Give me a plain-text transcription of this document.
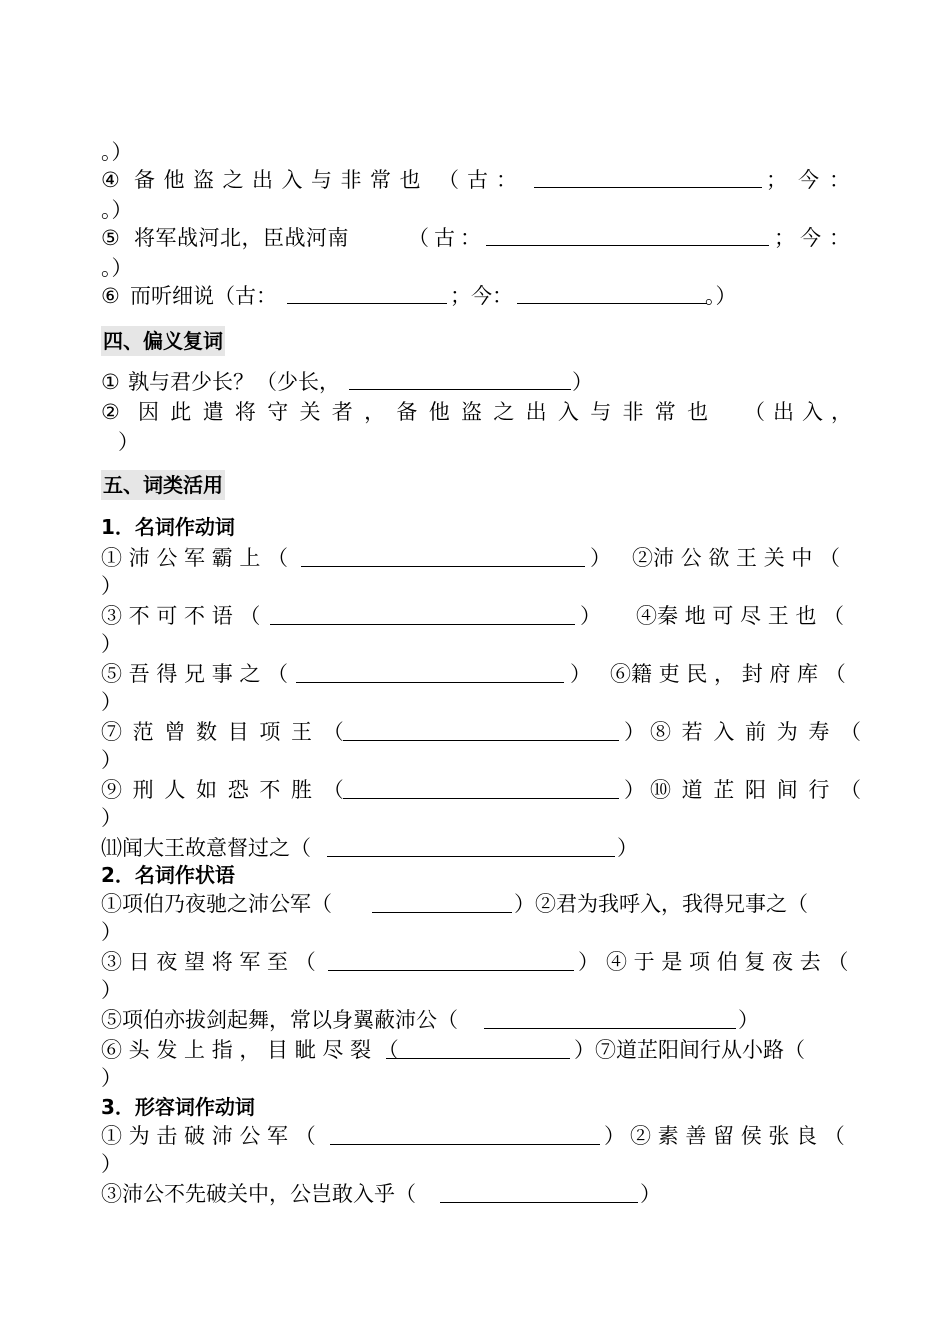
。）
④ 备他盗之出入与非常也 （古：	； 今：
。）
⑤ 将军战河北，臣战河南	（古：	； 今：
。）
⑥ 而听细说 （古：	；今：	。）
四、偏义复词
① 孰与君少长？ （少长，	）
② 因此遣将守关者，备他盗之出入与非常也 （出入，
）
五、词类活用
1．名词作动词
① 沛 公 军 霸 上 （	） ②沛 公 欲 王 关 中 （
）
③ 不 可 不 语 （	） ④秦 地 可 尽 王 也 （
）
⑤ 吾 得 兄 事 之 （	） ⑥籍 吏 民 ， 封 府 库 （
）
⑦ 范 曾 数 目 项 王 （	） ⑧ 若 入 前 为 寿 （
）
⑨ 刑 人 如 恐 不 胜 （	） ⑩ 道 芷 阳 间 行 （
）
⑾闻大王故意督过之（	）
2．名词作状语
①项伯乃夜驰之沛公军（	）②君为我呼入，我得兄事之（
）
③ 日 夜 望 将 军 至 （	） ④ 于 是 项 伯 复 夜 去 （
）
⑤项伯亦拔剑起舞，常以身翼蔽沛公（	）
⑥ 头 发 上 指 ， 目 眦 尽 裂 （	）⑦道芷阳间行从小路（
）
3．形容词作动词
① 为 击 破 沛 公 军 （	） ② 素 善 留 侯 张 良 （
）
③沛公不先破关中，公岂敢入乎（	）
